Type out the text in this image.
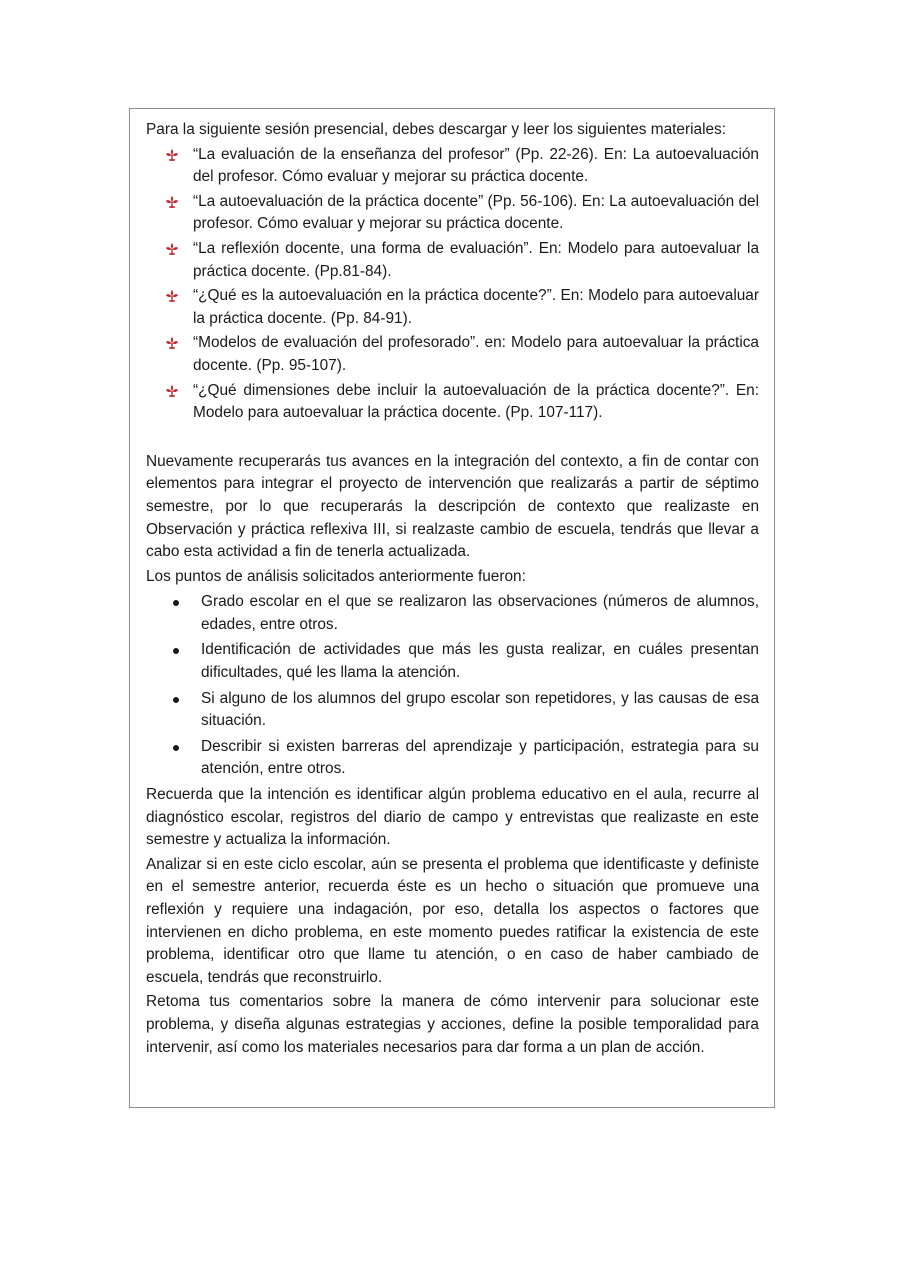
Para la siguiente sesión presencial, debes descargar y leer los siguientes materiales:

“La evaluación de la enseñanza del profesor” (Pp. 22-26). En: La autoevaluación del profesor. Cómo evaluar y mejorar su práctica docente.
“La autoevaluación de la práctica docente” (Pp. 56-106). En: La autoevaluación del profesor. Cómo evaluar y mejorar su práctica docente.
“La reflexión docente, una forma de evaluación”. En: Modelo para autoevaluar la práctica docente. (Pp.81-84).
“¿Qué es la autoevaluación en la práctica docente?”. En: Modelo para autoevaluar la práctica docente. (Pp. 84-91).
“Modelos de evaluación del profesorado”. en: Modelo para autoevaluar la práctica docente. (Pp. 95-107).
“¿Qué dimensiones debe incluir la autoevaluación de la práctica docente?”. En: Modelo para autoevaluar la práctica docente. (Pp. 107-117).

Nuevamente recuperarás tus avances en la integración del contexto, a fin de contar con elementos para integrar el proyecto de intervención que realizarás a partir de séptimo semestre, por lo que recuperarás la descripción de contexto que realizaste en Observación y práctica reflexiva III, si realzaste cambio de escuela, tendrás que llevar a cabo esta actividad a fin de tenerla actualizada.

Los puntos de análisis solicitados anteriormente fueron:

Grado escolar en el que se realizaron las observaciones (números de alumnos, edades, entre otros.
Identificación de actividades que más les gusta realizar, en cuáles presentan dificultades, qué les llama la atención.
Si alguno de los alumnos del grupo escolar son repetidores, y las causas de esa situación.
Describir si existen barreras del aprendizaje y participación, estrategia para su atención, entre otros.

Recuerda que la intención es identificar algún problema educativo en el aula, recurre al diagnóstico escolar, registros del diario de campo y entrevistas que realizaste en este semestre y actualiza la información.

Analizar si en este ciclo escolar, aún se presenta el problema que identificaste y definiste en el semestre anterior, recuerda éste es un hecho o situación que promueve una reflexión y requiere una indagación, por eso, detalla los aspectos o factores que intervienen en dicho problema, en este momento puedes ratificar la existencia de este problema, identificar otro que llame tu atención, o en caso de haber cambiado de escuela, tendrás que reconstruirlo.

Retoma tus comentarios sobre la manera de cómo intervenir para solucionar este problema, y diseña algunas estrategias y acciones, define la posible temporalidad para intervenir, así como los materiales necesarios para dar forma a un plan de acción.
